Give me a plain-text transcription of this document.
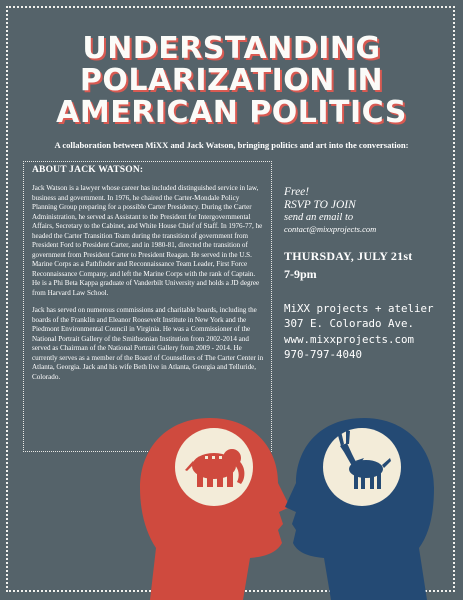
UNDERSTANDING
POLARIZATION IN
AMERICAN POLITICS
A collaboration between MiXX and Jack Watson, bringing politics and art into the conversation:
ABOUT JACK WATSON:

Jack Watson is a lawyer whose career has included distinguished service in law, business and government. In 1976, he chaired the Carter-Mondale Policy Planning Group preparing for a possible Carter Presidency. During the Carter Administration, he served as Assistant to the President for Intergovernmental Affairs, Secretary to the Cabinet, and White House Chief of Staff. In 1976-77, he headed the Carter Transition Team during the transition of government from President Ford to President Carter, and in 1980-81, directed the transition of government from President Carter to President Reagan. He served in the U.S. Marine Corps as a Pathfinder and Reconnaissance Team Leader, First Force Reconnaissance Company, and left the Marine Corps with the rank of Captain. He is a Phi Beta Kappa graduate of Vanderbilt University and holds a JD degree from Harvard Law School.

Jack has served on numerous commissions and charitable boards, including the boards of the Franklin and Eleanor Roosevelt Institute in New York and the Piedmont Environmental Council in Virginia. He was a Commissioner of the National Portrait Gallery of the Smithsonian Institution from 2002-2014 and served as Chairman of the National Portrait Gallery from 2009 - 2014. He currently serves as a member of the Board of Counsellors of The Carter Center in Atlanta, Georgia. Jack and his wife Beth live in Atlanta, Georgia and Telluride, Colorado.

Free!
RSVP TO JOIN
send an email to
contact@mixxprojects.com
THURSDAY, JULY 21st
7-9pm
MiXX projects + atelier
307 E. Colorado Ave.
www.mixxprojects.com
970-797-4040
